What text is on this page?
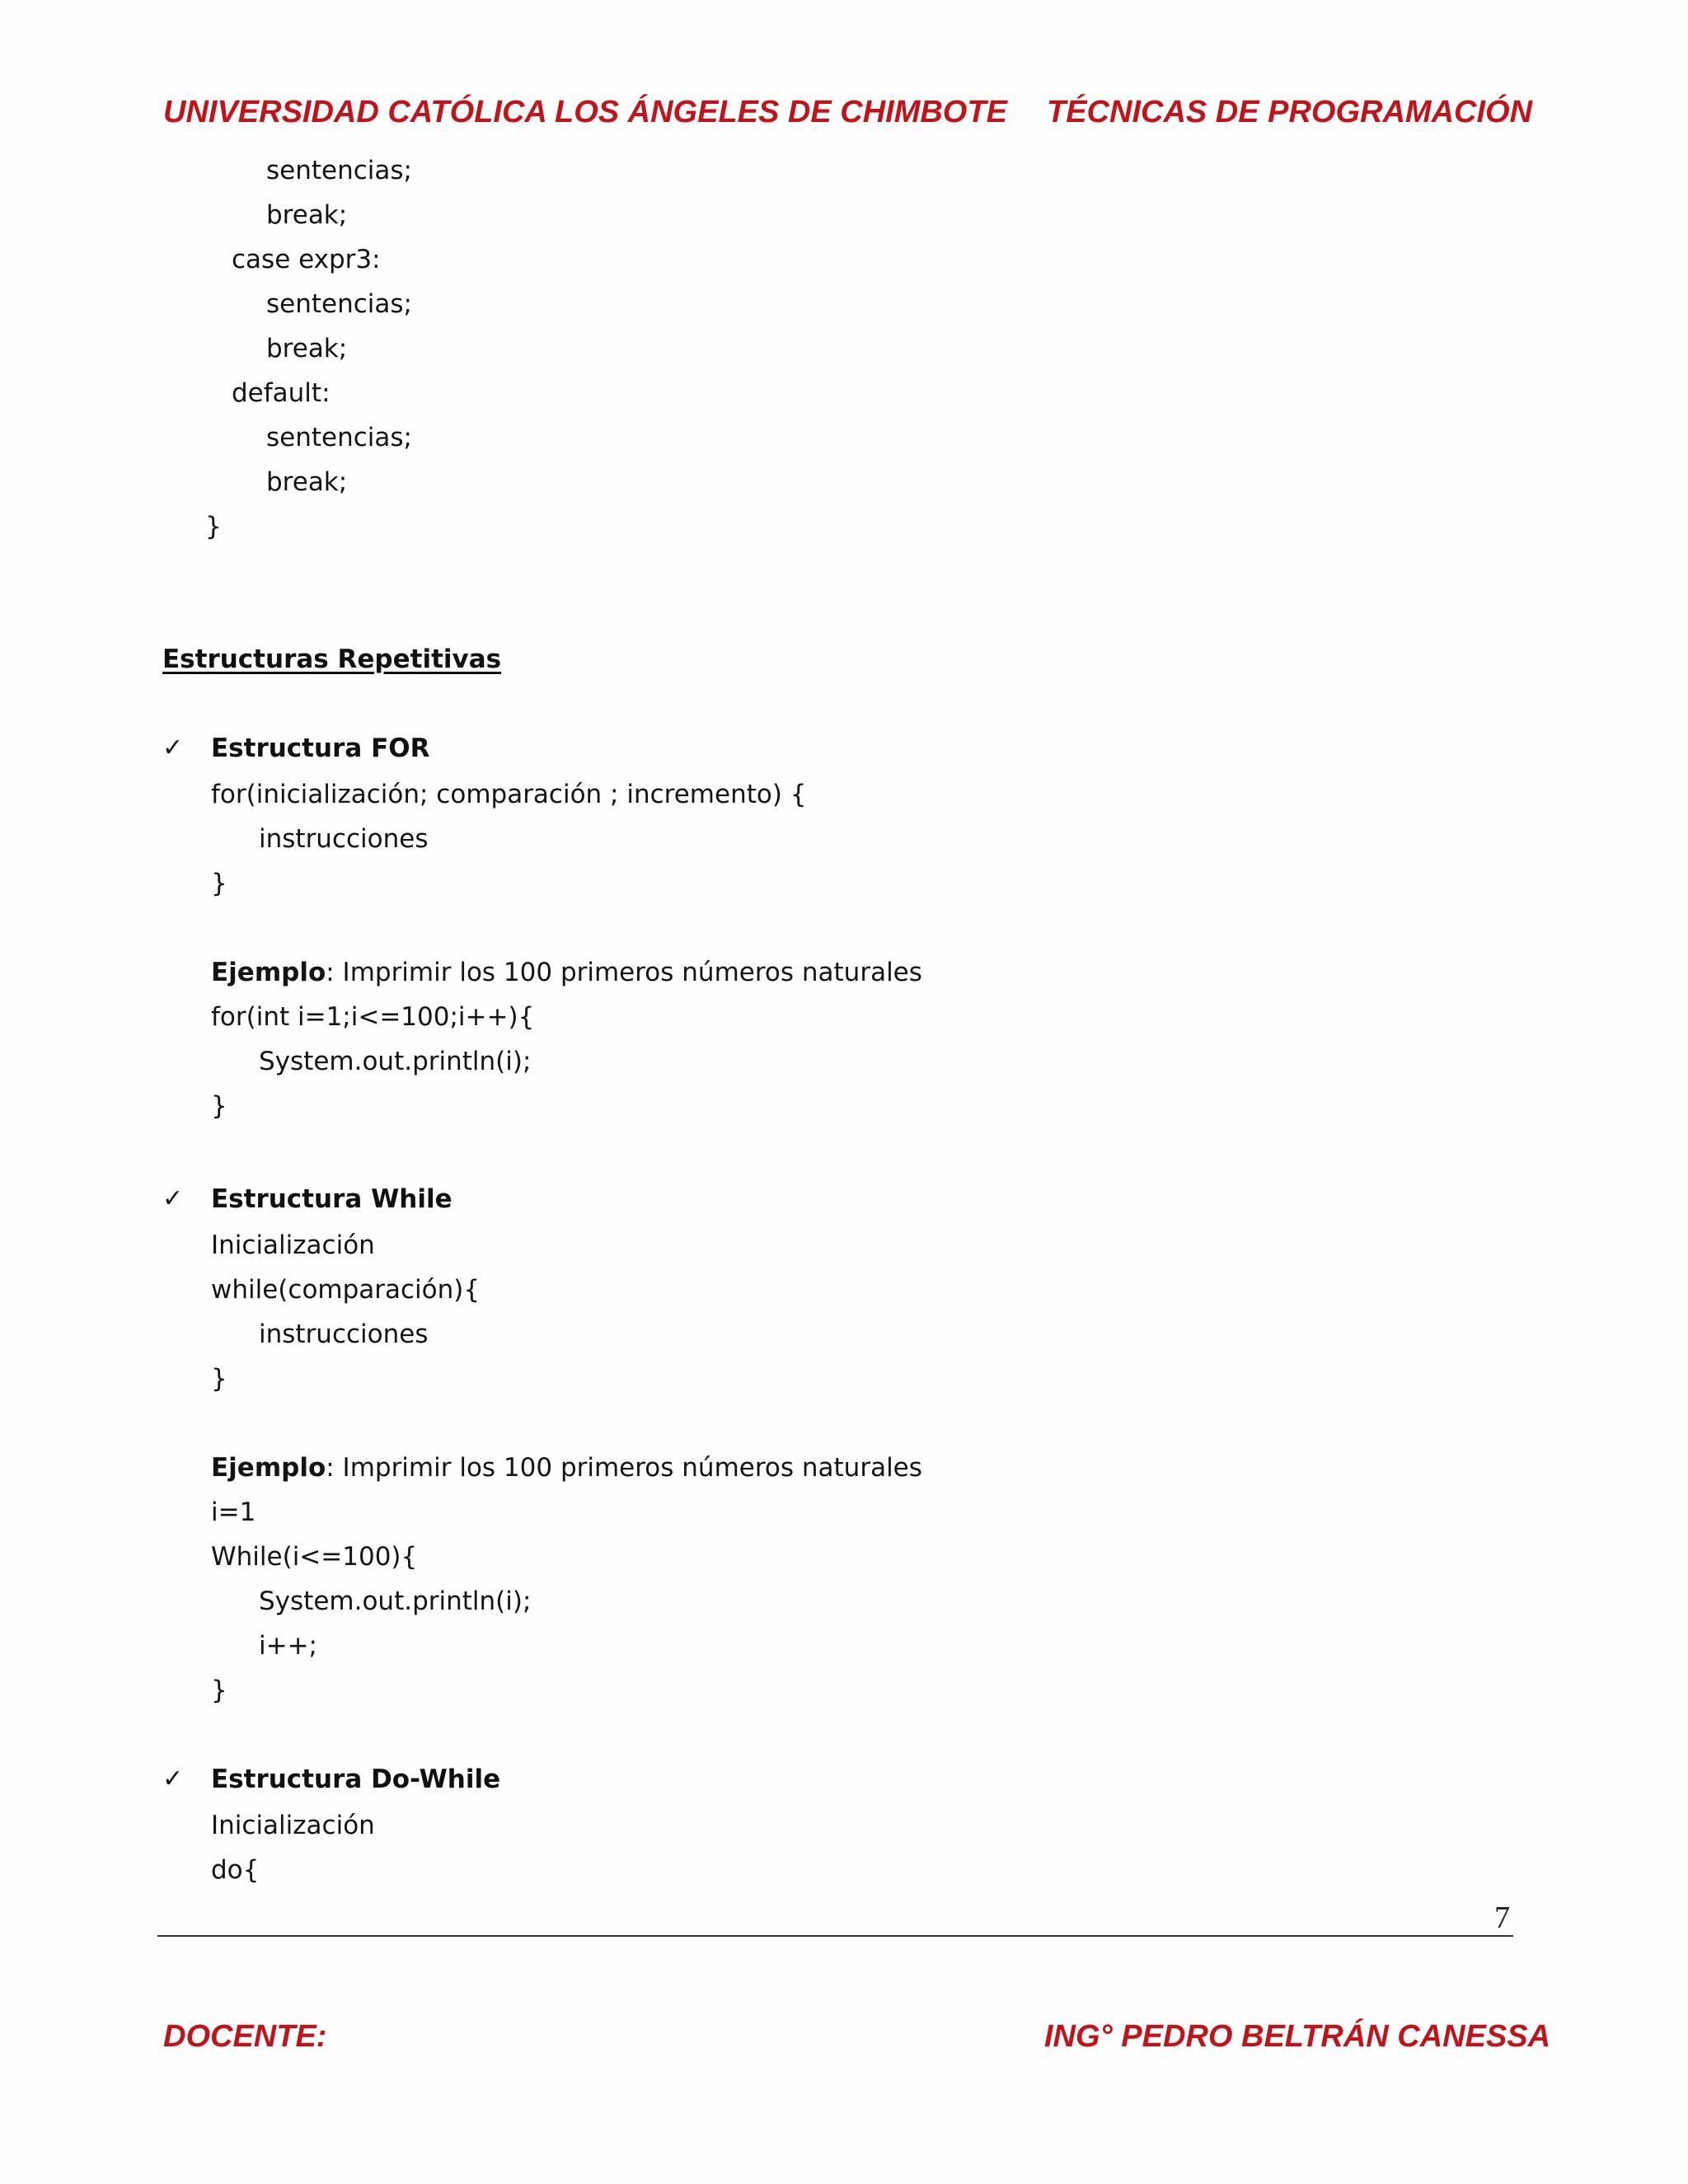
UNIVERSIDAD CATÓLICA LOS ÁNGELES DE CHIMBOTE TÉCNICAS DE PROGRAMACIÓN
sentencias;
break;
case expr3:
sentencias;
break;
default:
sentencias;
break;
}
Estructuras Repetitivas
✓ Estructura FOR
for(inicialización; comparación ; incremento) {
instrucciones
}
Ejemplo: Imprimir los 100 primeros números naturales
for(int i=1;i<=100;i++){
System.out.println(i);
}
✓ Estructura While
Inicialización
while(comparación){
instrucciones
}
Ejemplo: Imprimir los 100 primeros números naturales
i=1
While(i<=100){
System.out.println(i);
i++;
}
✓ Estructura Do-While
Inicialización
do{
7
DOCENTE:	ING° PEDRO BELTRÁN CANESSA
